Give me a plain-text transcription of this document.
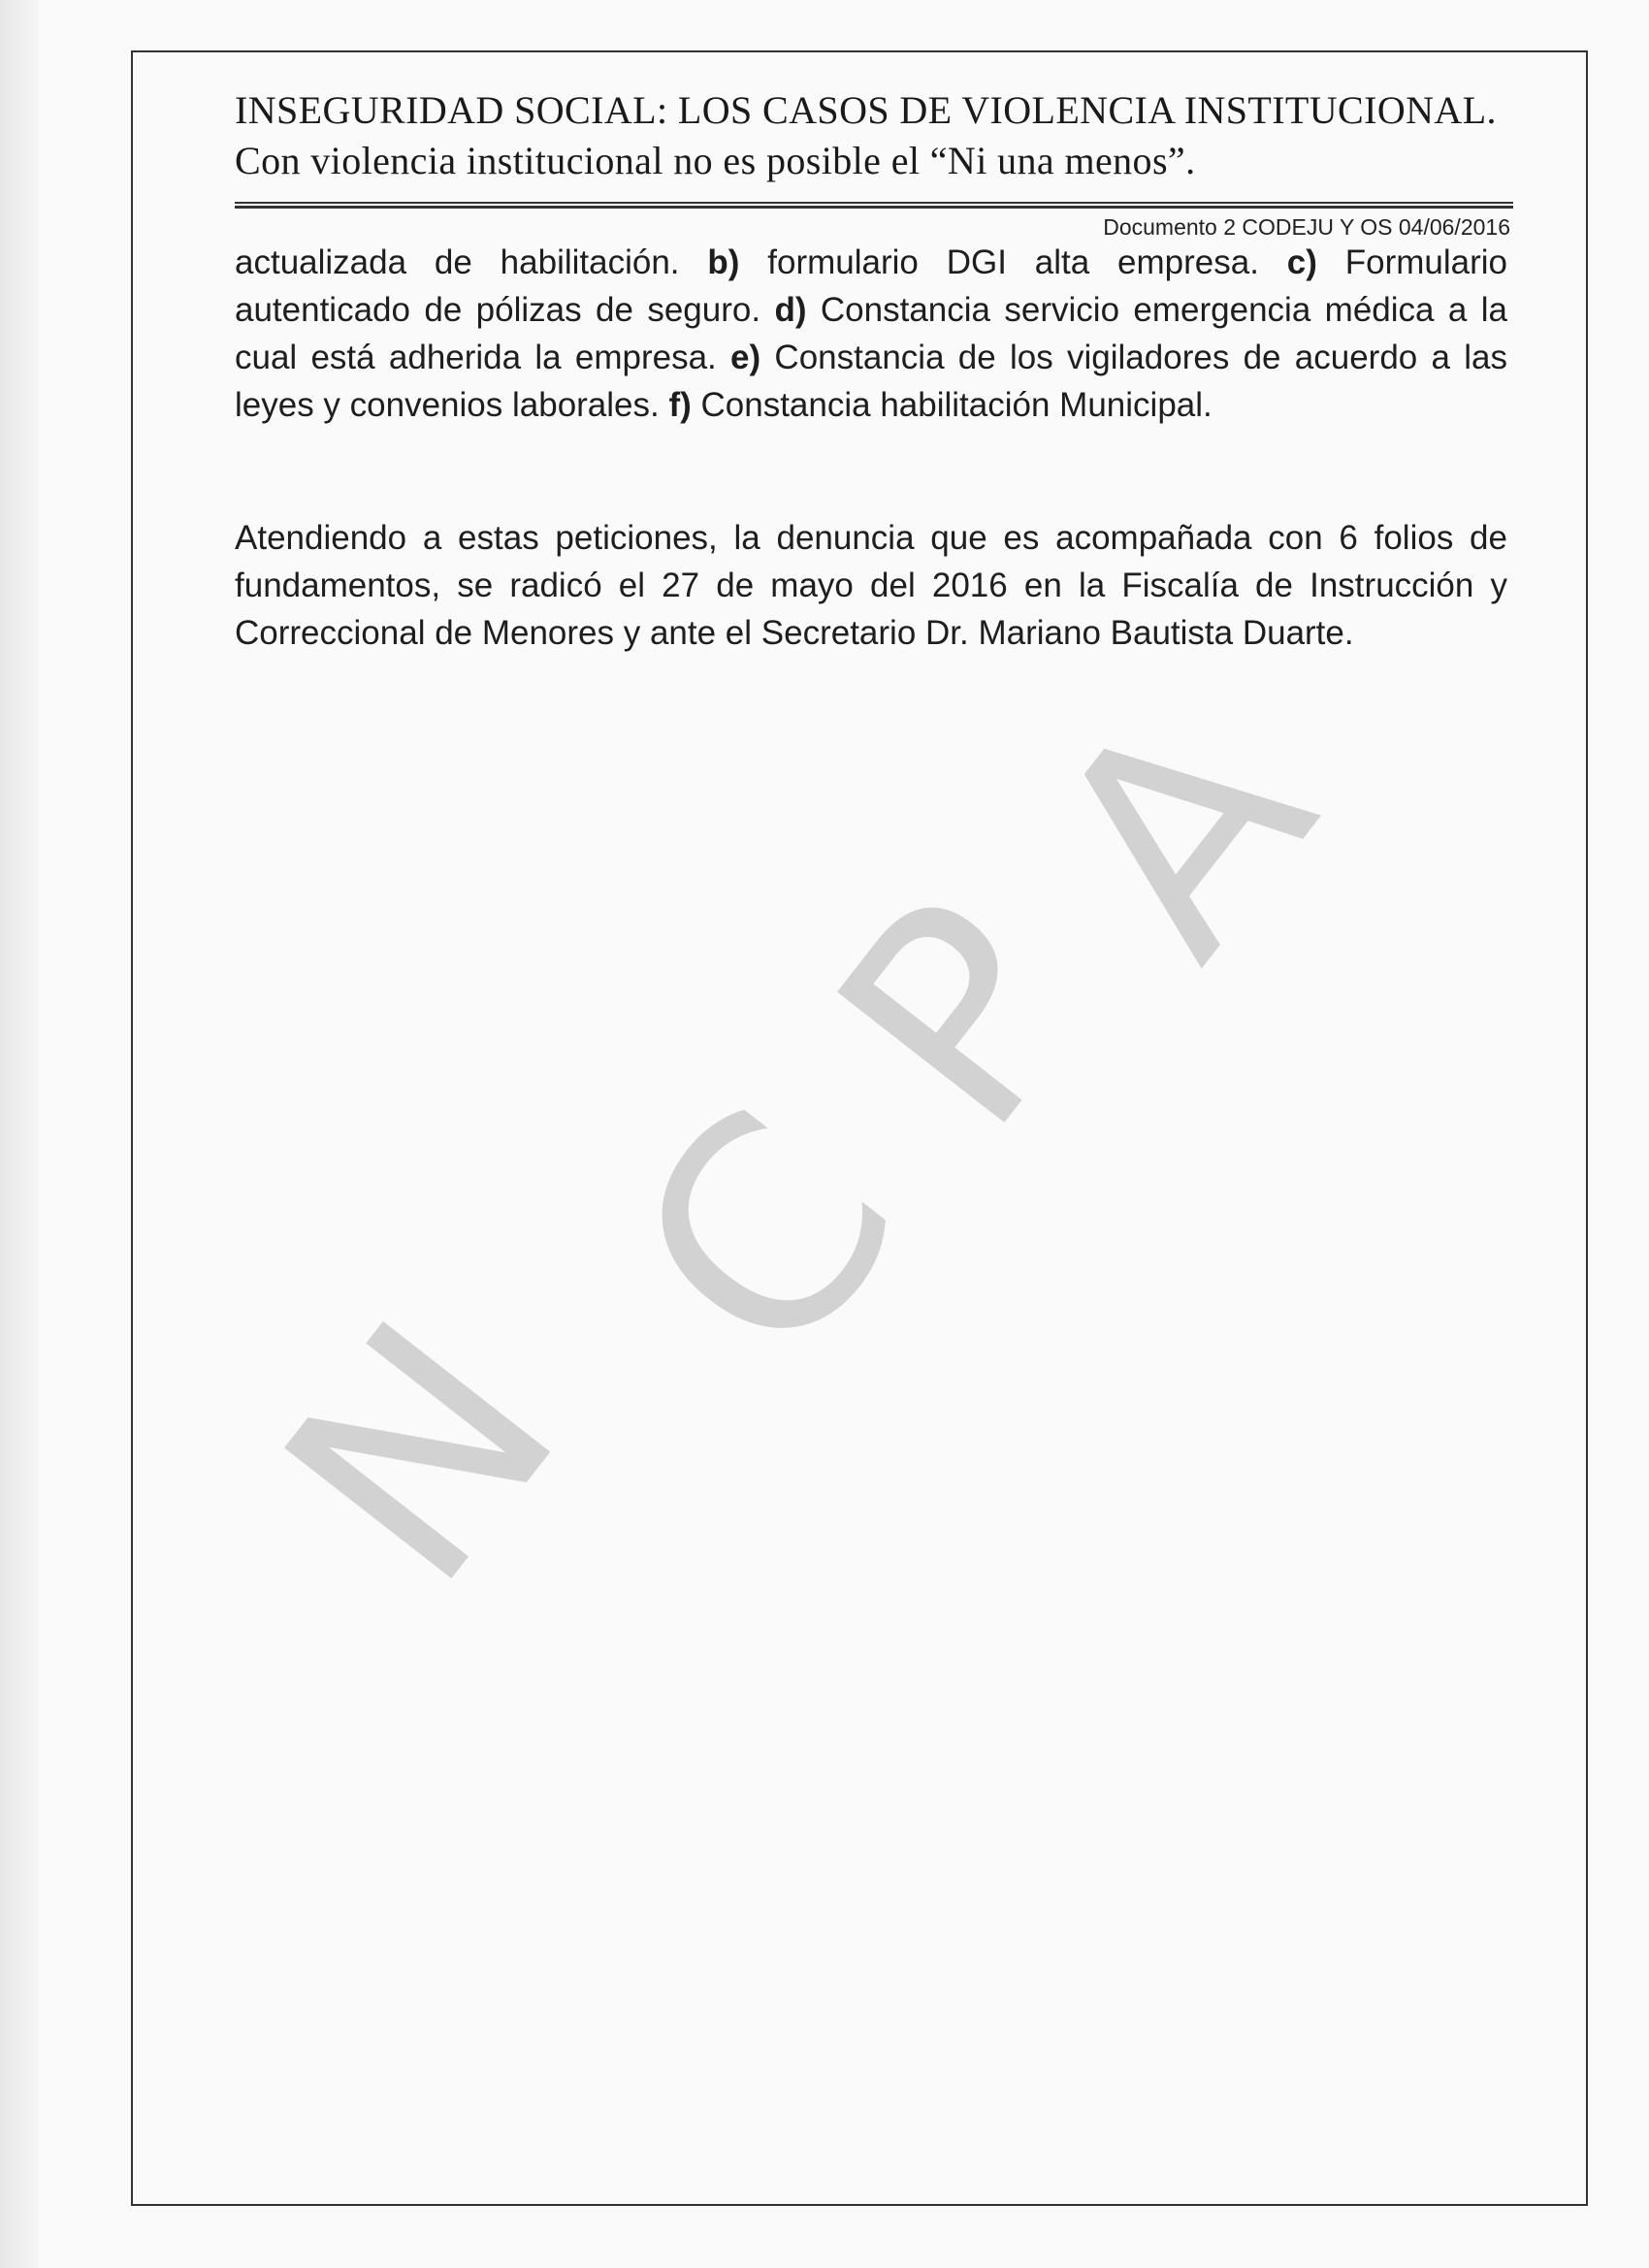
N
C
P
A
INSEGURIDAD SOCIAL: LOS CASOS DE VIOLENCIA INSTITUCIONAL.
Con violencia institucional no es posible el “Ni una menos”.
Documento 2 CODEJU Y OS 04/06/2016

actualizada de habilitación. b) formulario DGI alta empresa. c) Formulario autenticado de pólizas de seguro. d) Constancia servicio emergencia médica a la cual está adherida la empresa. e) Constancia de los vigiladores de acuerdo a las leyes y convenios laborales. f) Constancia habilitación Municipal.

Atendiendo a estas peticiones, la denuncia que es acompañada con 6 folios de fundamentos, se radicó el 27 de mayo del 2016 en la Fiscalía de Instrucción y Correccional de Menores y ante el Secretario Dr. Mariano Bautista Duarte.
